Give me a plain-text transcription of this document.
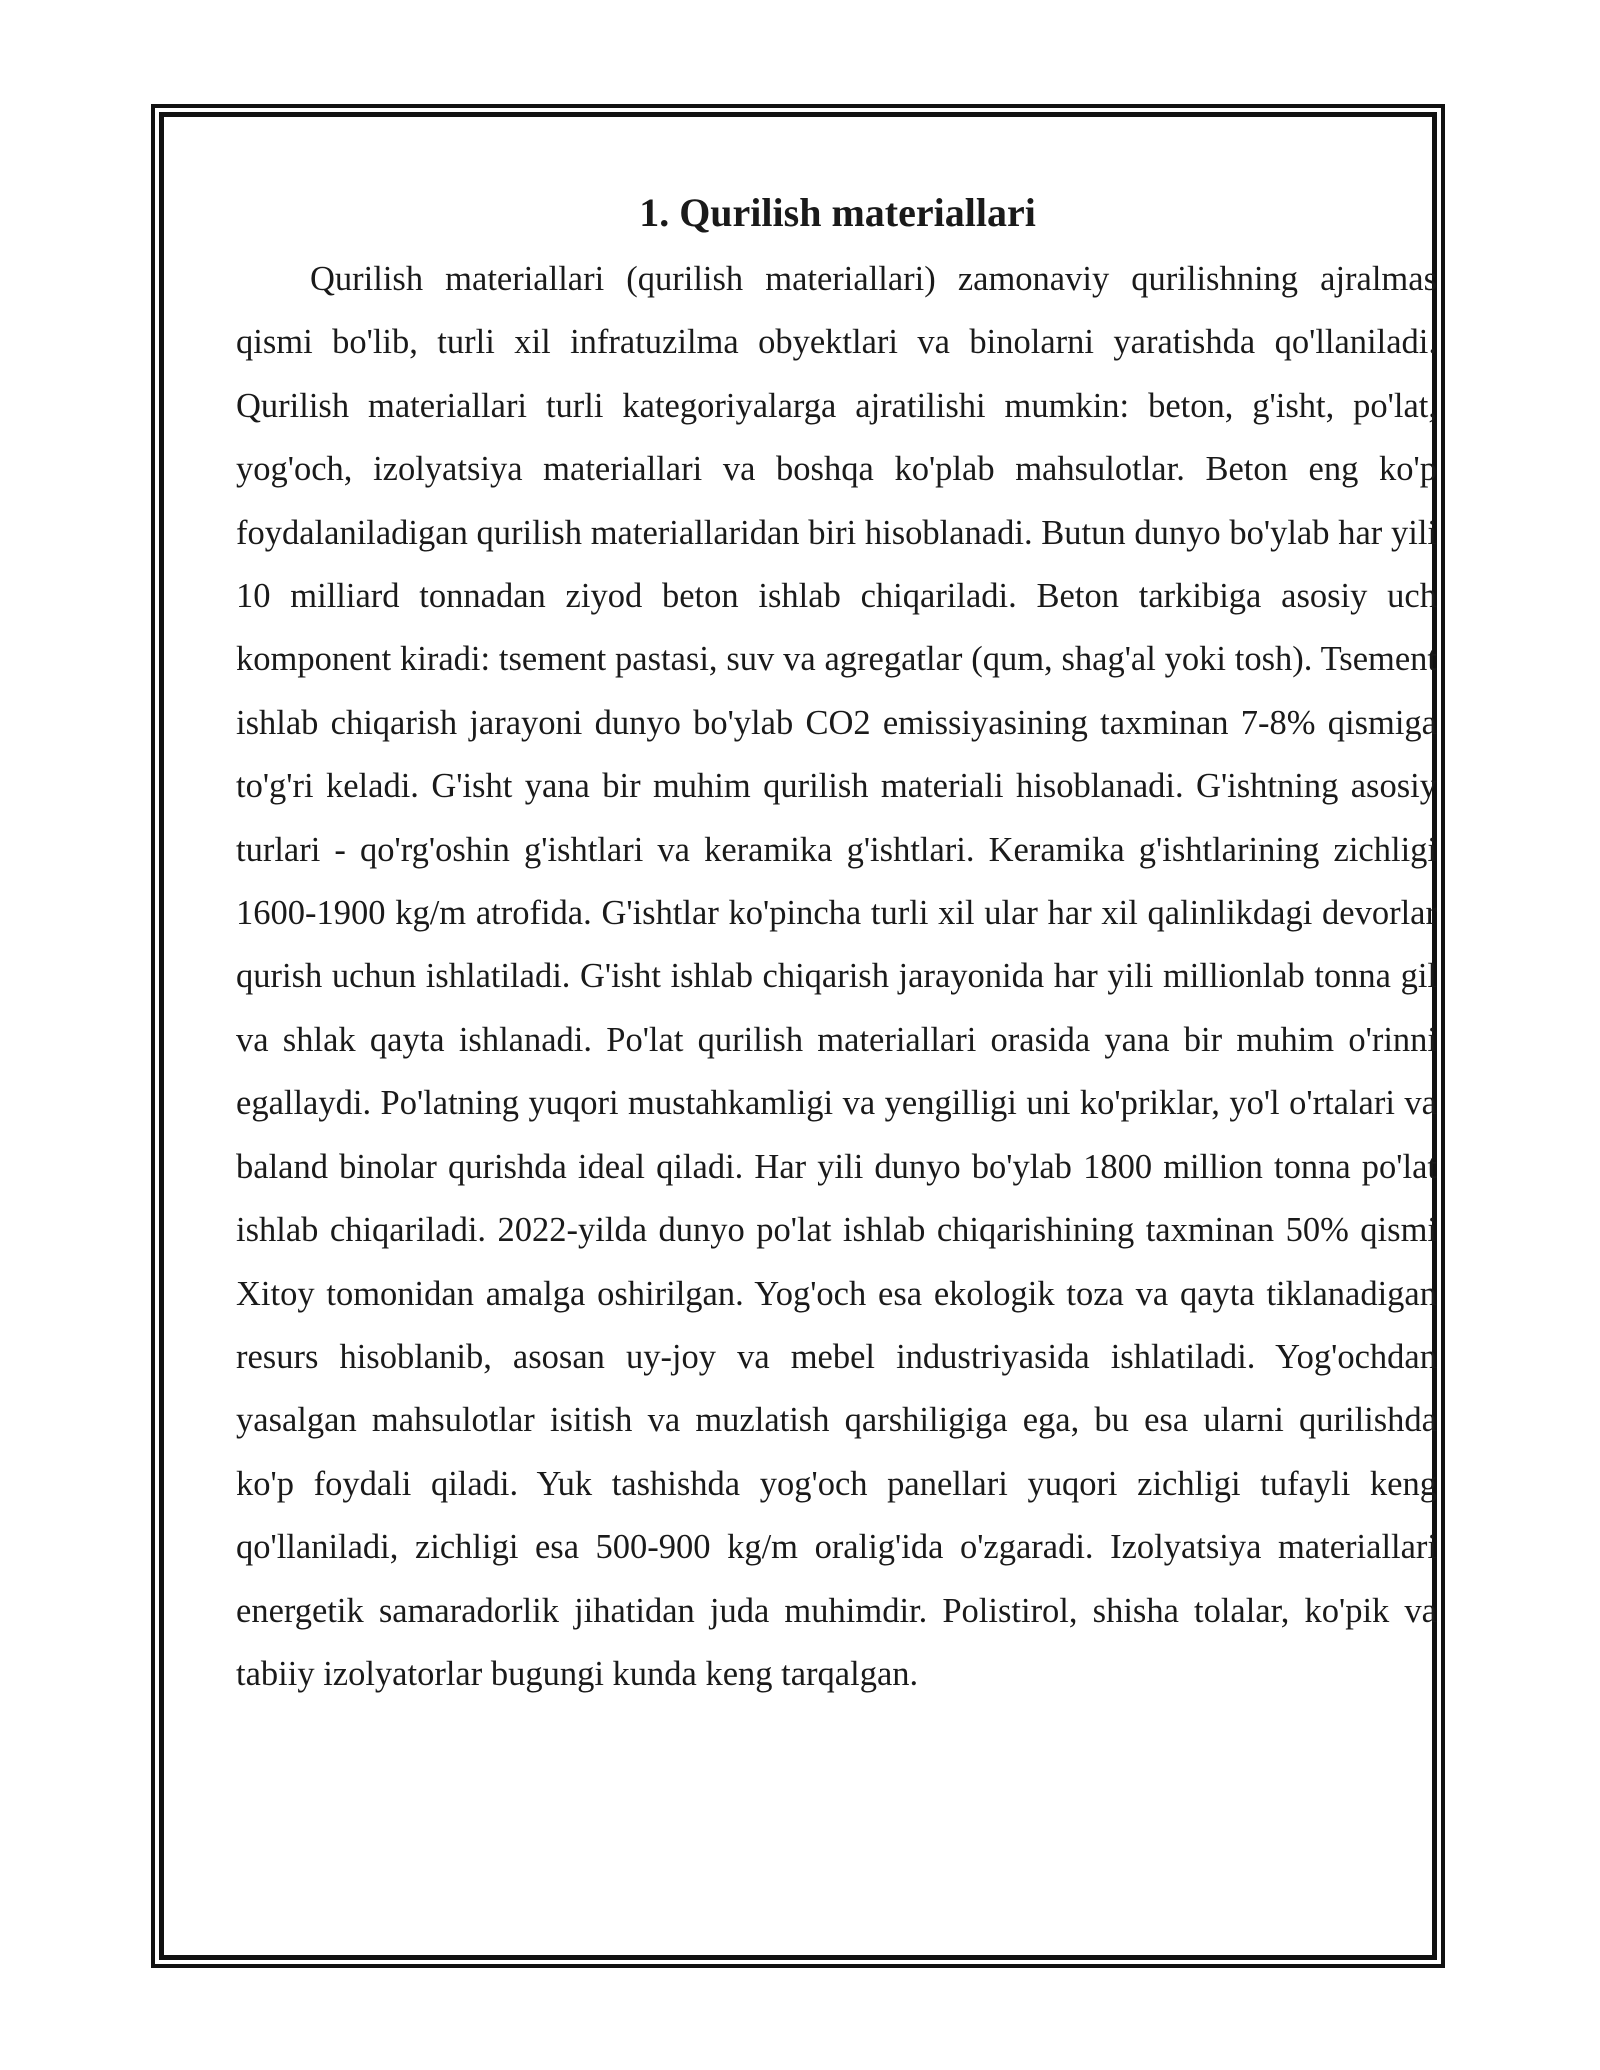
1. Qurilish materiallari

Qurilish materiallari (qurilish materiallari) zamonaviy qurilishning ajralmas qismi bo'lib, turli xil infratuzilma obyektlari va binolarni yaratishda qo'llaniladi. Qurilish materiallari turli kategoriyalarga ajratilishi mumkin: beton, g'isht, po'lat, yog'och, izolyatsiya materiallari va boshqa ko'plab mahsulotlar. Beton eng ko'p foydalaniladigan qurilish materiallaridan biri hisoblanadi. Butun dunyo bo'ylab har yili 10 milliard tonnadan ziyod beton ishlab chiqariladi. Beton tarkibiga asosiy uch komponent kiradi: tsement pastasi, suv va agregatlar (qum, shag'al yoki tosh). Tsement ishlab chiqarish jarayoni dunyo bo'ylab CO2 emissiyasining taxminan 7-8% qismiga to'g'ri keladi. G'isht yana bir muhim qurilish materiali hisoblanadi. G'ishtning asosiy turlari - qo'rg'oshin g'ishtlari va keramika g'ishtlari. Keramika g'ishtlarining zichligi 1600-1900 kg/m atrofida. G'ishtlar ko'pincha turli xil ular har xil qalinlikdagi devorlar qurish uchun ishlatiladi. G'isht ishlab chiqarish jarayonida har yili millionlab tonna gil va shlak qayta ishlanadi. Po'lat qurilish materiallari orasida yana bir muhim o'rinni egallaydi. Po'latning yuqori mustahkamligi va yengilligi uni ko'priklar, yo'l o'rtalari va baland binolar qurishda ideal qiladi. Har yili dunyo bo'ylab 1800 million tonna po'lat ishlab chiqariladi. 2022-yilda dunyo po'lat ishlab chiqarishining taxminan 50% qismi Xitoy tomonidan amalga oshirilgan. Yog'och esa ekologik toza va qayta tiklanadigan resurs hisoblanib, asosan uy-joy va mebel industriyasida ishlatiladi. Yog'ochdan yasalgan mahsulotlar isitish va muzlatish qarshiligiga ega, bu esa ularni qurilishda ko'p foydali qiladi. Yuk tashishda yog'och panellari yuqori zichligi tufayli keng qo'llaniladi, zichligi esa 500-900 kg/m oralig'ida o'zgaradi. Izolyatsiya materiallari energetik samaradorlik jihatidan juda muhimdir. Polistirol, shisha tolalar, ko'pik va tabiiy izolyatorlar bugungi kunda keng tarqalgan.
